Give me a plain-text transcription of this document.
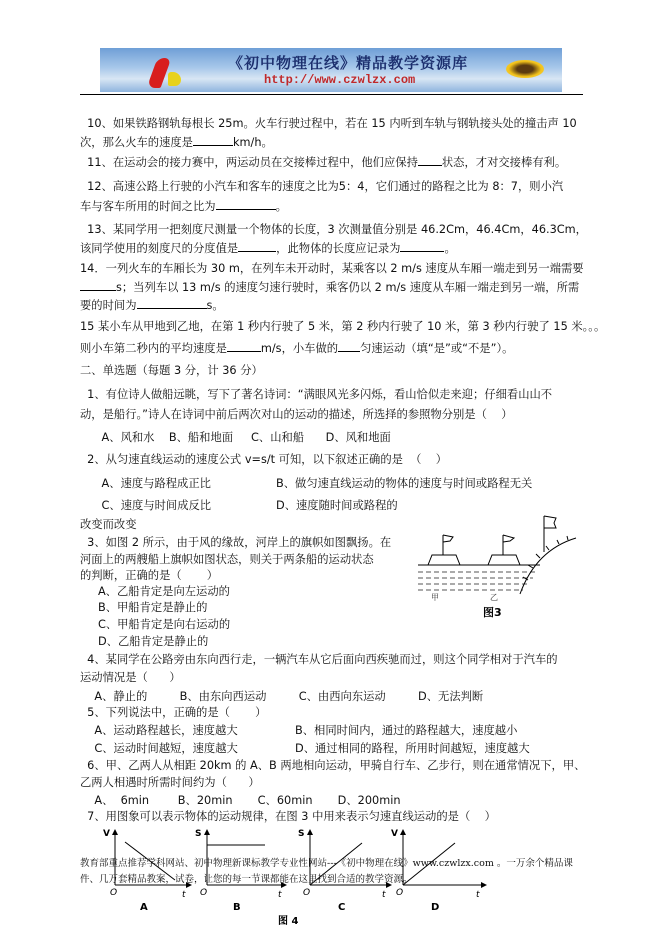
《初中物理在线》精品教学资源库
http://www.czwlzx.com
10、如果铁路钢轨每根长 25m。火车行驶过程中，若在 15 内听到车轨与钢轨接头处的撞击声 10
次，那么火车的速度是	km/h。
11、在运动会的接力赛中，两运动员在交接棒过程中，他们应保持 状态，才对交接棒有利。
12、高速公路上行驶的小汽车和客车的速度之比为5：4，它们通过的路程之比为 8：7，则小汽
车与客车所用的时间之比为	。
13、某同学用一把刻度尺测量一个物体的长度，3 次测量值分别是 46.2Cm，46.4Cm，46.3Cm，
该同学使用的刻度尺的分度值是	，此物体的长度应记录为	。
14．一列火车的车厢长为 30 m，在列车未开动时，某乘客以 2 m/s 速度从车厢一端走到另一端需要
s；当列车以 13 m/s 的速度匀速行驶时，乘客仍以 2 m/s 速度从车厢一端走到另一端，所需
要的时间为	s。
15 某小车从甲地到乙地，在第 1 秒内行驶了 5 米，第 2 秒内行驶了 10 米，第 3 秒内行驶了 15 米。。。
则小车第二秒内的平均速度是	m/s，小车做的 匀速运动（填“是”或“不是”）。
二、单选题（每题 3 分，计 36 分）
1、有位诗人做船远眺，写下了著名诗词：“满眼风光多闪烁，看山恰似走来迎；仔细看山山不
动，是船行。”诗人在诗词中前后两次对山的运动的描述，所选择的参照物分别是（    ）
A、风和水    B、船和地面     C、山和船      D、风和地面
2、从匀速直线运动的速度公式 v=s/t 可知，以下叙述正确的是  （    ）
A、速度与路程成正比	B、做匀速直线运动的物体的速度与时间或路程无关
C、速度与时间成反比	D、速度随时间或路程的
改变而改变
3、如图 2 所示，由于风的缘故，河岸上的旗帜如图飘扬。在
河面上的两艘船上旗帜如图状态，则关于两条船的运动状态
的判断，正确的是（       ）
A、乙船肯定是向左运动的
B、甲船肯定是静止的
C、甲船肯定是向右运动的
D、乙船肯定是静止的
甲	乙
图3
4、某同学在公路旁由东向西行走，一辆汽车从它后面向西疾驰而过，则这个同学相对于汽车的
运动情况是（      ）
A、静止的         B、由东向西运动         C、由西向东运动         D、无法判断
5、下列说法中，正确的是（       ）
A、运动路程越长，速度越大	B、相同时间内，通过的路程越大，速度越小
C、运动时间越短，速度越大	D、通过相同的路程，所用时间越短，速度越大
6、甲、乙两人从相距 20km 的 A、B 两地相向运动，甲骑自行车、乙步行，则在通常情况下，甲、
乙两人相遇时所需时间约为（      ）
A、  6min        B、20min       C、60min       D、200min
7、用图象可以表示物体的运动规律，在图 3 中用来表示匀速直线运动的是（    ）
V
O	t
A
S
O	t
B
S
O	t
C
V
O	t
D
图 4
教育部重点推荐学科网站、初中物理新课标教学专业性网站---《初中物理在线》www.czwlzx.com 。一万余个精品课
件、几万套精品教案，试卷，让您的每一节课都能在这里找到合适的教学资源。
